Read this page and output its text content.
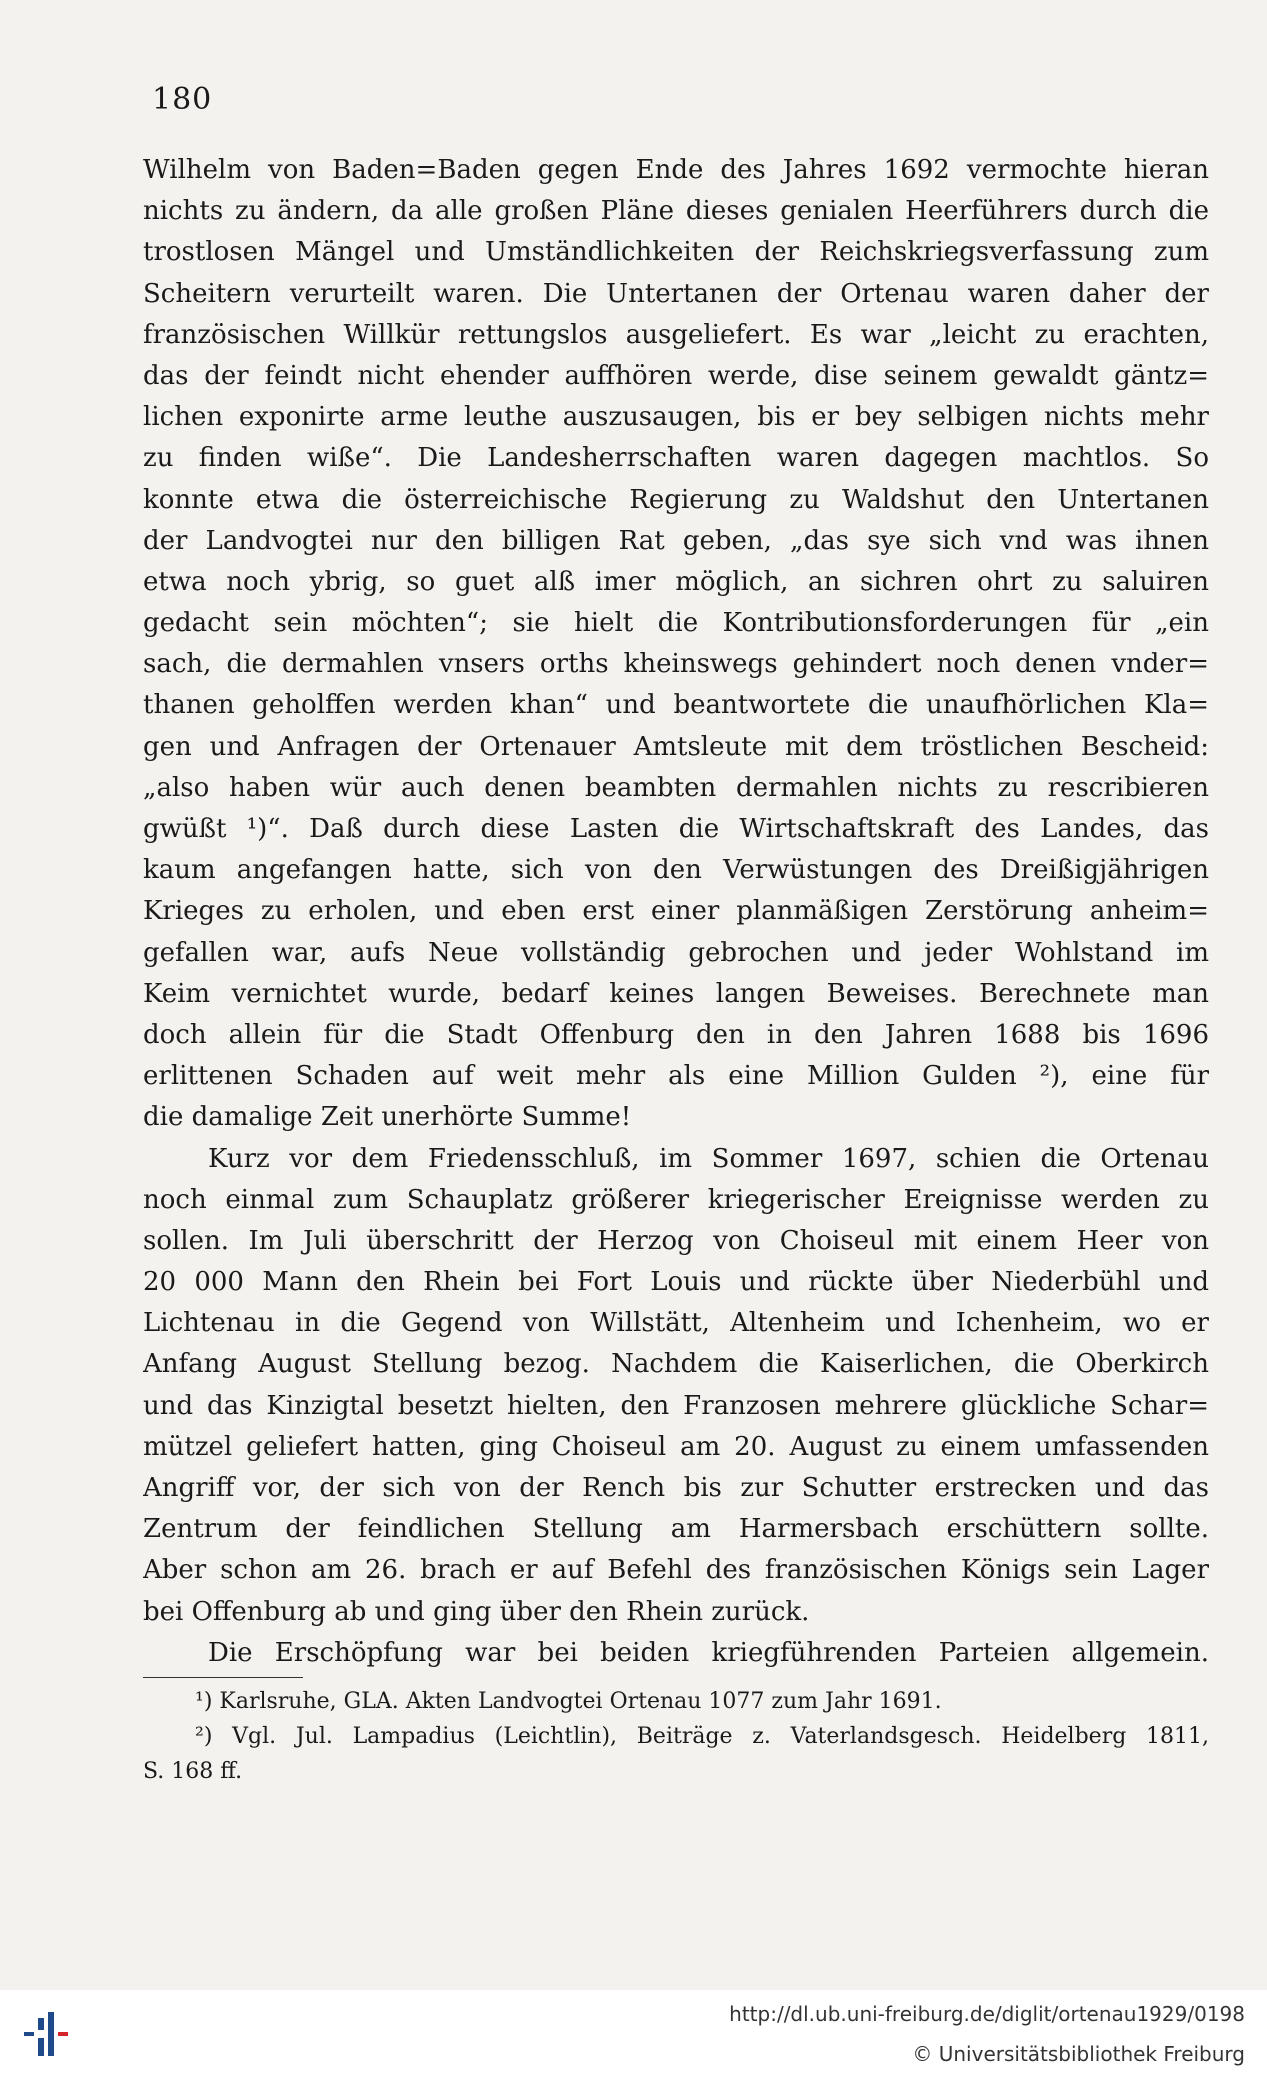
180
Wilhelm von Baden=Baden gegen Ende des Jahres 1692 vermochte hieran
nichts zu ändern, da alle großen Pläne dieses genialen Heerführers durch die
trostlosen Mängel und Umständlichkeiten der Reichskriegsverfassung zum
Scheitern verurteilt waren. Die Untertanen der Ortenau waren daher der
französischen Willkür rettungslos ausgeliefert. Es war „leicht zu erachten,
das der feindt nicht ehender auffhören werde, dise seinem gewaldt gäntz=
lichen exponirte arme leuthe auszusaugen, bis er bey selbigen nichts mehr
zu finden wiße“. Die Landesherrschaften waren dagegen machtlos. So
konnte etwa die österreichische Regierung zu Waldshut den Untertanen
der Landvogtei nur den billigen Rat geben, „das sye sich vnd was ihnen
etwa noch ybrig, so guet alß imer möglich, an sichren ohrt zu saluiren
gedacht sein möchten“; sie hielt die Kontributionsforderungen für „ein
sach, die dermahlen vnsers orths kheinswegs gehindert noch denen vnder=
thanen geholffen werden khan“ und beantwortete die unaufhörlichen Kla=
gen und Anfragen der Ortenauer Amtsleute mit dem tröstlichen Bescheid:
„also haben wür auch denen beambten dermahlen nichts zu rescribieren
gwüßt ¹)“. Daß durch diese Lasten die Wirtschaftskraft des Landes, das
kaum angefangen hatte, sich von den Verwüstungen des Dreißigjährigen
Krieges zu erholen, und eben erst einer planmäßigen Zerstörung anheim=
gefallen war, aufs Neue vollständig gebrochen und jeder Wohlstand im
Keim vernichtet wurde, bedarf keines langen Beweises. Berechnete man
doch allein für die Stadt Offenburg den in den Jahren 1688 bis 1696
erlittenen Schaden auf weit mehr als eine Million Gulden ²), eine für
die damalige Zeit unerhörte Summe!
Kurz vor dem Friedensschluß, im Sommer 1697, schien die Ortenau
noch einmal zum Schauplatz größerer kriegerischer Ereignisse werden zu
sollen. Im Juli überschritt der Herzog von Choiseul mit einem Heer von
20 000 Mann den Rhein bei Fort Louis und rückte über Niederbühl und
Lichtenau in die Gegend von Willstätt, Altenheim und Ichenheim, wo er
Anfang August Stellung bezog. Nachdem die Kaiserlichen, die Oberkirch
und das Kinzigtal besetzt hielten, den Franzosen mehrere glückliche Schar=
mützel geliefert hatten, ging Choiseul am 20. August zu einem umfassenden
Angriff vor, der sich von der Rench bis zur Schutter erstrecken und das
Zentrum der feindlichen Stellung am Harmersbach erschüttern sollte.
Aber schon am 26. brach er auf Befehl des französischen Königs sein Lager
bei Offenburg ab und ging über den Rhein zurück.
Die Erschöpfung war bei beiden kriegführenden Parteien allgemein.
¹) Karlsruhe, GLA. Akten Landvogtei Ortenau 1077 zum Jahr 1691.
²) Vgl. Jul. Lampadius (Leichtlin), Beiträge z. Vaterlandsgesch. Heidelberg 1811,
S. 168 ff.
http://dl.ub.uni-freiburg.de/diglit/ortenau1929/0198
© Universitätsbibliothek Freiburg
